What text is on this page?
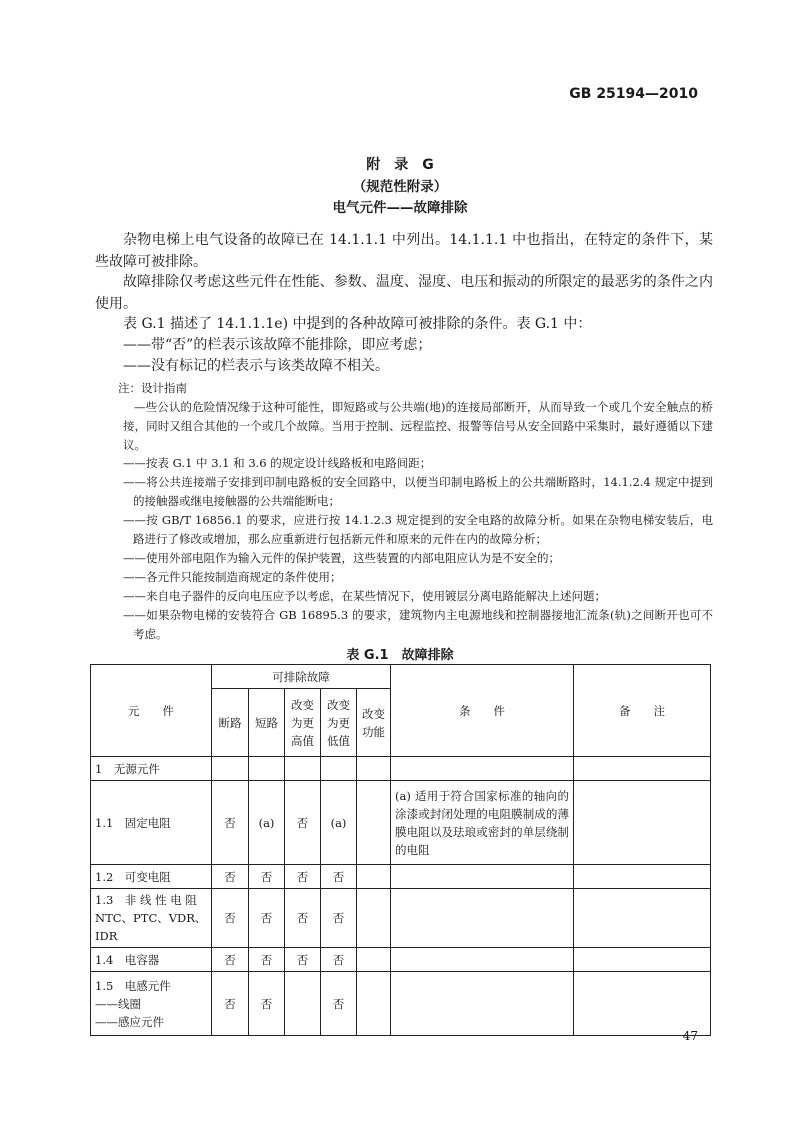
GB 25194—2010
附　录　G
（规范性附录）
电气元件——故障排除
杂物电梯上电气设备的故障已在 14.1.1.1 中列出。14.1.1.1 中也指出，在特定的条件下，某些故障可被排除。
故障排除仅考虑这些元件在性能、参数、温度、湿度、电压和振动的所限定的最恶劣的条件之内使用。
表 G.1 描述了 14.1.1.1e) 中提到的各种故障可被排除的条件。表 G.1 中：
——带“否”的栏表示该故障不能排除，即应考虑；
——没有标记的栏表示与该类故障不相关。
注：设计指南
—些公认的危险情况缘于这种可能性，即短路或与公共端(地)的连接局部断开，从而导致一个或几个安全触点的桥接，同时又组合其他的一个或几个故障。当用于控制、远程监控、报警等信号从安全回路中采集时，最好遵循以下建议。
——按表 G.1 中 3.1 和 3.6 的规定设计线路板和电路间距；
——将公共连接端子安排到印制电路板的安全回路中，以便当印制电路板上的公共端断路时，14.1.2.4 规定中提到的接触器或继电接触器的公共端能断电；
——按 GB/T 16856.1 的要求，应进行按 14.1.2.3 规定提到的安全电路的故障分析。如果在杂物电梯安装后，电路进行了修改或增加，那么应重新进行包括新元件和原来的元件在内的故障分析；
——使用外部电阻作为输入元件的保护装置，这些装置的内部电阻应认为是不安全的；
——各元件只能按制造商规定的条件使用；
——来自电子器件的反向电压应予以考虑，在某些情况下，使用镀层分离电路能解决上述问题；
——如果杂物电梯的安装符合 GB 16895.3 的要求，建筑物内主电源地线和控制器接地汇流条(轨)之间断开也可不考虑。
表 G.1　故障排除
元　　件	可排除故障					条　　件	备　　注
	断路	短路	改变为更高值	改变为更低值	改变功能		
1　无源元件							
1.1　固定电阻	否	(a)	否	(a)		(a) 适用于符合国家标准的轴向的涂漆或封闭处理的电阻膜制成的薄膜电阻以及珐琅或密封的单层绕制的电阻	
1.2　可变电阻	否	否	否	否			
1.3　非 线 性 电 阻 NTC、PTC、VDR、IDR	否	否	否	否			
1.4　电容器	否	否	否	否			
1.5　电感元件
——线圈
——感应元件	否	否		否			
47
